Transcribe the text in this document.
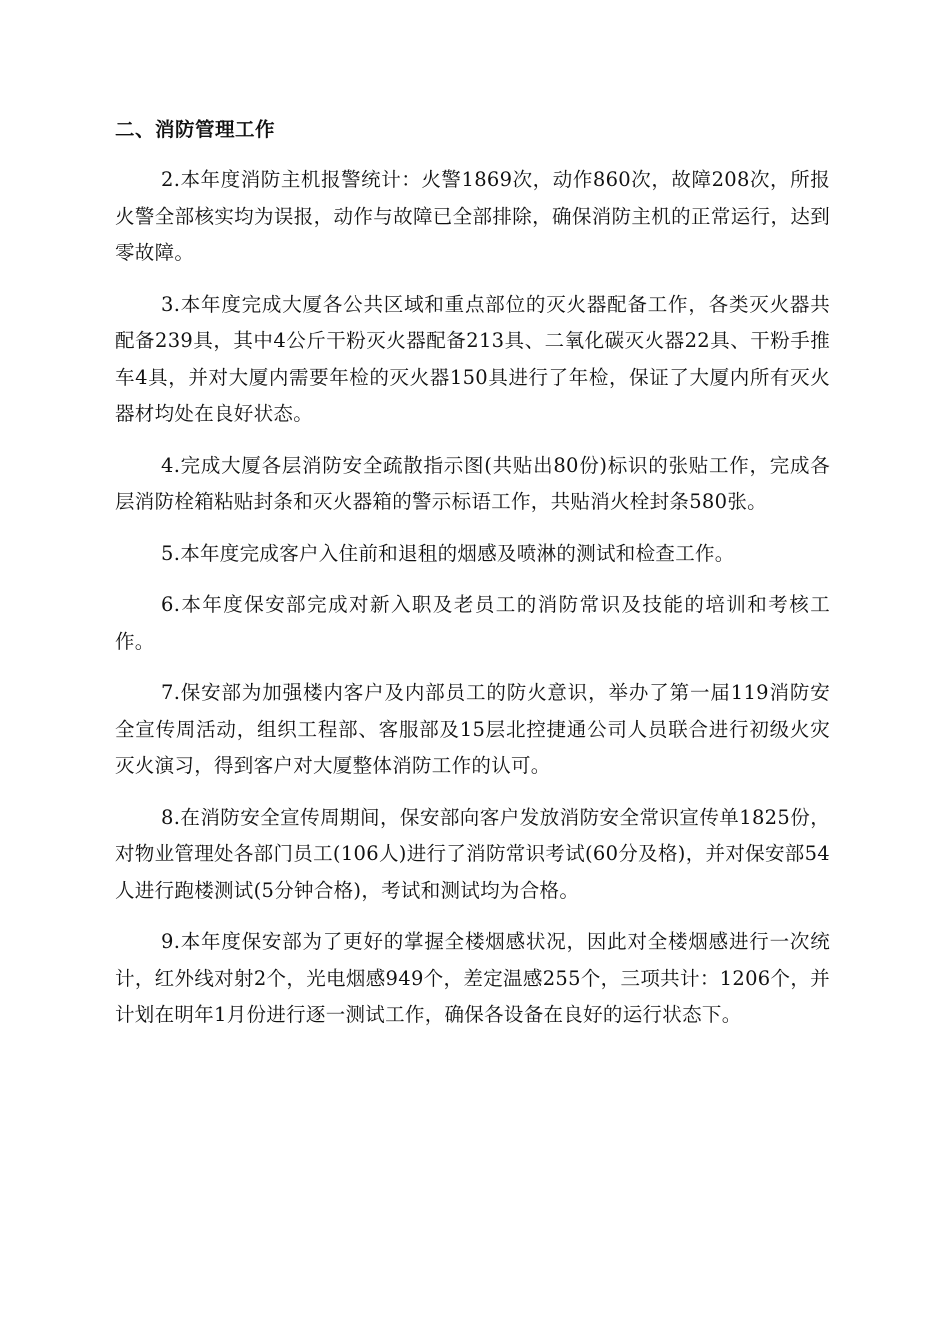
二、消防管理工作

2.本年度消防主机报警统计：火警1869次，动作860次，故障208次，所报火警全部核实均为误报，动作与故障已全部排除，确保消防主机的正常运行，达到零故障。

3.本年度完成大厦各公共区域和重点部位的灭火器配备工作，各类灭火器共配备239具，其中4公斤干粉灭火器配备213具、二氧化碳灭火器22具、干粉手推车4具，并对大厦内需要年检的灭火器150具进行了年检，保证了大厦内所有灭火器材均处在良好状态。

4.完成大厦各层消防安全疏散指示图(共贴出80份)标识的张贴工作，完成各层消防栓箱粘贴封条和灭火器箱的警示标语工作，共贴消火栓封条580张。

5.本年度完成客户入住前和退租的烟感及喷淋的测试和检查工作。

6.本年度保安部完成对新入职及老员工的消防常识及技能的培训和考核工作。

7.保安部为加强楼内客户及内部员工的防火意识，举办了第一届119消防安全宣传周活动，组织工程部、客服部及15层北控捷通公司人员联合进行初级火灾灭火演习，得到客户对大厦整体消防工作的认可。

8.在消防安全宣传周期间，保安部向客户发放消防安全常识宣传单1825份，对物业管理处各部门员工(106人)进行了消防常识考试(60分及格)，并对保安部54人进行跑楼测试(5分钟合格)，考试和测试均为合格。

9.本年度保安部为了更好的掌握全楼烟感状况，因此对全楼烟感进行一次统计，红外线对射2个，光电烟感949个，差定温感255个，三项共计：1206个，并计划在明年1月份进行逐一测试工作，确保各设备在良好的运行状态下。
